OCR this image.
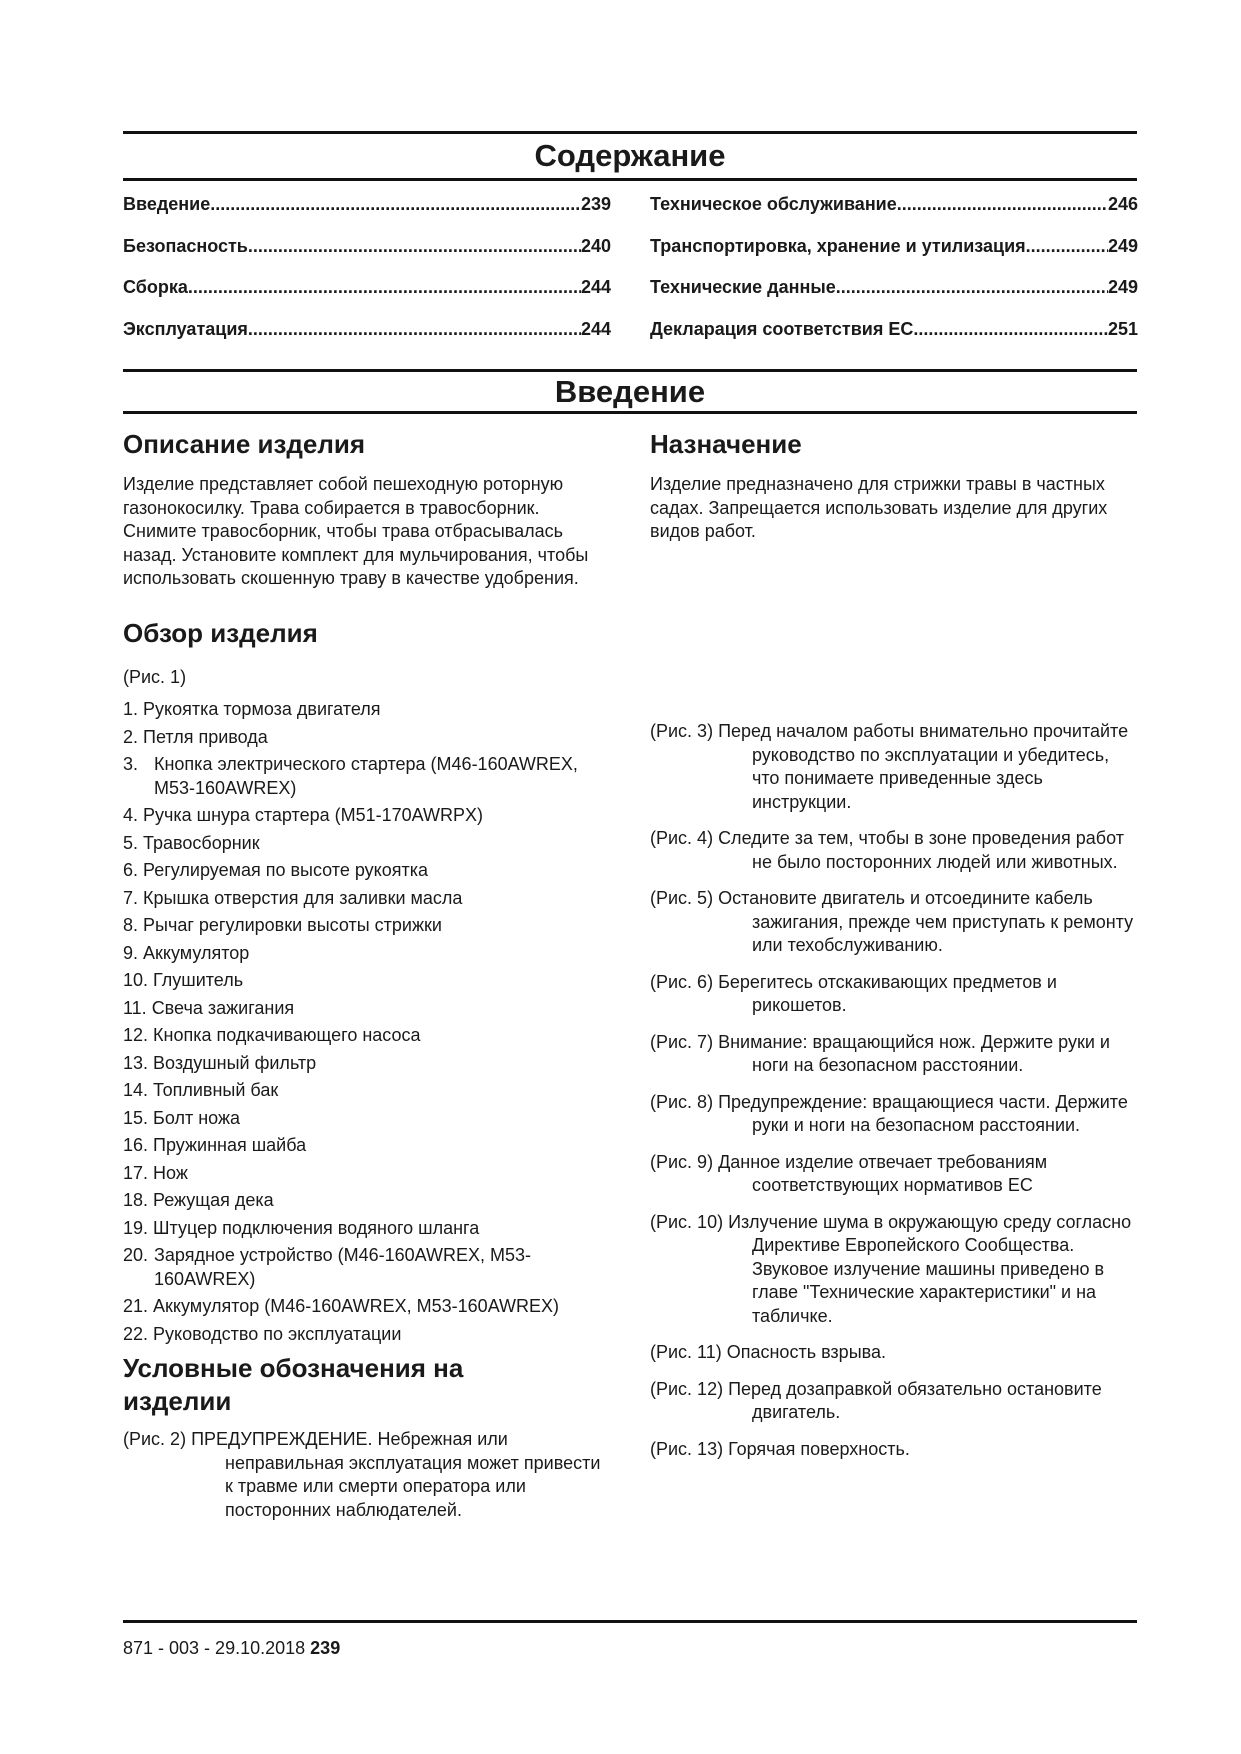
Содержание
Введение .....	239
Безопасность .....	240
Сборка .....	244
Эксплуатация .....	244
Техническое обслуживание .....	246
Транспортировка, хранение и утилизация .....	249
Технические данные .....	249
Декларация соответствия ЕС .....	251
Введение
Описание изделия

Изделие представляет собой пешеходную роторную газонокосилку. Трава собирается в травосборник. Снимите травосборник, чтобы трава отбрасывалась назад. Установите комплект для мульчирования, чтобы использовать скошенную траву в качестве удобрения.

Обзор изделия

(Рис. 1)

1. Рукоятка тормоза двигателя
2. Петля привода
3. Кнопка электрического стартера (M46-160AWREX, M53-160AWREX)
4. Ручка шнура стартера (M51-170AWRPX)
5. Травосборник
6. Регулируемая по высоте рукоятка
7. Крышка отверстия для заливки масла
8. Рычаг регулировки высоты стрижки
9. Аккумулятор
10. Глушитель
11. Свеча зажигания
12. Кнопка подкачивающего насоса
13. Воздушный фильтр
14. Топливный бак
15. Болт ножа
16. Пружинная шайба
17. Нож
18. Режущая дека
19. Штуцер подключения водяного шланга
20. Зарядное устройство (M46-160AWREX, M53-160AWREX)
21. Аккумулятор (M46-160AWREX, M53-160AWREX)
22. Руководство по эксплуатации
Условные обозначения на изделии
(Рис. 2) ПРЕДУПРЕЖДЕНИЕ. Небрежная или неправильная эксплуатация может привести к травме или смерти оператора или посторонних наблюдателей.
Назначение

Изделие предназначено для стрижки травы в частных садах. Запрещается использовать изделие для других видов работ.

(Рис. 3) Перед началом работы внимательно прочитайте руководство по эксплуатации и убедитесь, что понимаете приведенные здесь инструкции.
(Рис. 4) Следите за тем, чтобы в зоне проведения работ не было посторонних людей или животных.
(Рис. 5) Остановите двигатель и отсоедините кабель зажигания, прежде чем приступать к ремонту или техобслуживанию.
(Рис. 6) Берегитесь отскакивающих предметов и рикошетов.
(Рис. 7) Внимание: вращающийся нож. Держите руки и ноги на безопасном расстоянии.
(Рис. 8) Предупреждение: вращающиеся части. Держите руки и ноги на безопасном расстоянии.
(Рис. 9) Данное изделие отвечает требованиям соответствующих нормативов ЕС
(Рис. 10) Излучение шума в окружающую среду согласно Директиве Европейского Сообщества. Звуковое излучение машины приведено в главе "Технические характеристики" и на табличке.
(Рис. 11) Опасность взрыва.
(Рис. 12) Перед дозаправкой обязательно остановите двигатель.
(Рис. 13) Горячая поверхность.
871 - 003 - 29.10.2018 239
